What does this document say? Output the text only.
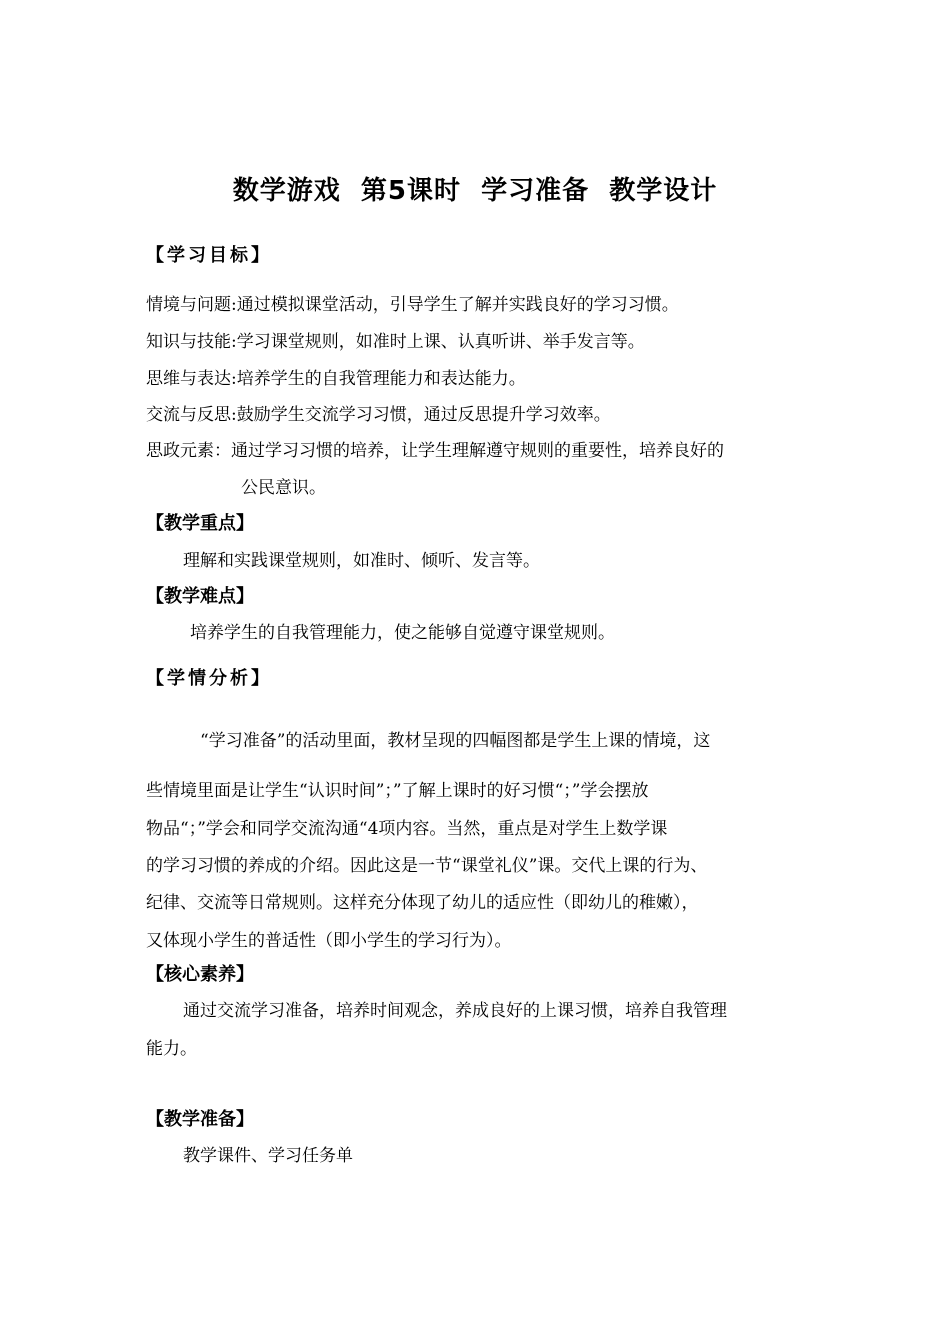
数学游戏  第5课时  学习准备  教学设计
【学习目标】
情境与问题:通过模拟课堂活动，引导学生了解并实践良好的学习习惯。
知识与技能:学习课堂规则，如准时上课、认真听讲、举手发言等。
思维与表达:培养学生的自我管理能力和表达能力。
交流与反思:鼓励学生交流学习习惯，通过反思提升学习效率。
思政元素：通过学习习惯的培养，让学生理解遵守规则的重要性，培养良好的
公民意识。
【教学重点】
理解和实践课堂规则，如准时、倾听、发言等。
【教学难点】
培养学生的自我管理能力，使之能够自觉遵守课堂规则。
【学情分析】
“学习准备”的活动里面，教材呈现的四幅图都是学生上课的情境，这
些情境里面是让学生“认识时间”；”了解上课时的好习惯“；”学会摆放
物品“；”学会和同学交流沟通“4项内容。当然，重点是对学生上数学课
的学习习惯的养成的介绍。因此这是一节“课堂礼仪”课。交代上课的行为、
纪律、交流等日常规则。这样充分体现了幼儿的适应性（即幼儿的稚嫩），
又体现小学生的普适性（即小学生的学习行为）。
【核心素养】
通过交流学习准备，培养时间观念，养成良好的上课习惯，培养自我管理
能力。
【教学准备】
教学课件、学习任务单
